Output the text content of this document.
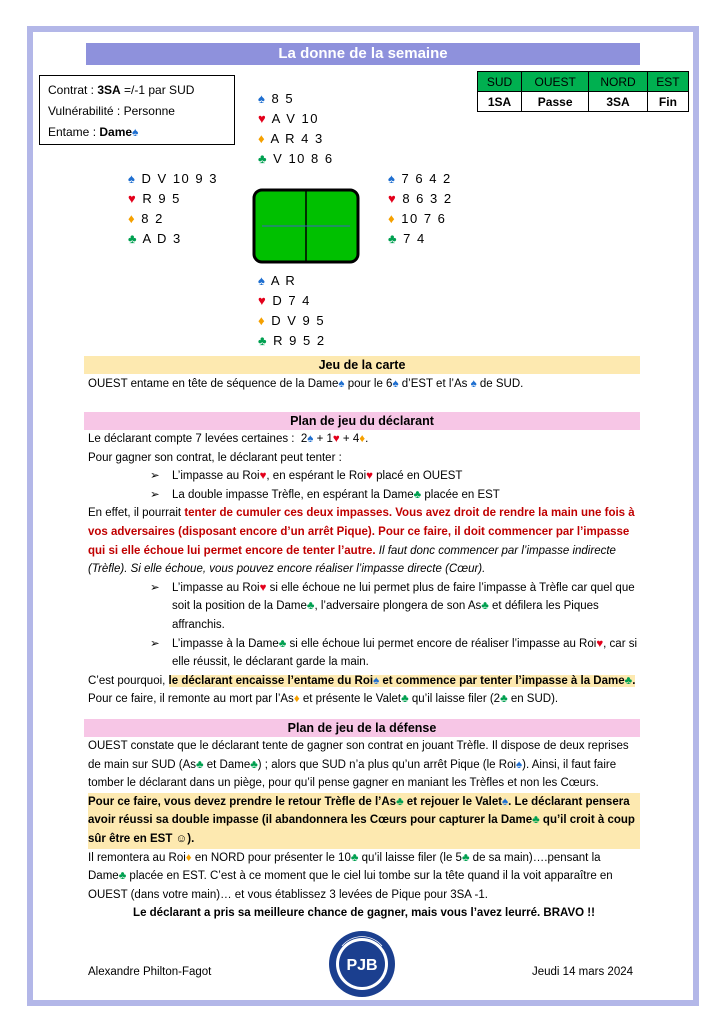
La donne de la semaine
Contrat : 3SA =/-1 par SUD
Vulnérabilité : Personne
Entame : Dame♠
SUD	OUEST	NORD	EST
1SA	Passe	3SA	Fin
♠ 8 5
♥ A V 10
♦ A R 4 3
♣ V 10 8 6
♠ D V 10 9 3
♥ R 9 5
♦ 8 2
♣ A D 3
♠ 7 6 4 2
♥ 8 6 3 2
♦ 10 7 6
♣ 7 4
♠ A R
♥ D 7 4
♦ D V 9 5
♣ R 9 5 2
Jeu de la carte

OUEST entame en tête de séquence de la Dame♠ pour le 6♠ d’EST et l’As ♠ de SUD.

Plan de jeu du déclarant

Le déclarant compte 7 levées certaines :  2♠ + 1♥ + 4♦.

Pour gagner son contrat, le déclarant peut tenter :

➢ L’impasse au Roi♥, en espérant le Roi♥ placé en OUEST

➢ La double impasse Trèfle, en espérant la Dame♣ placée en EST

En effet, il pourrait tenter de cumuler ces deux impasses. Vous avez droit de rendre la main une fois à vos adversaires (disposant encore d’un arrêt Pique). Pour ce faire, il doit commencer par l’impasse qui si elle échoue lui permet encore de tenter l’autre. Il faut donc commencer par l’impasse indirecte (Trèfle). Si elle échoue, vous pouvez encore réaliser l’impasse directe (Cœur).

➢ L’impasse au Roi♥ si elle échoue ne lui permet plus de faire l’impasse à Trèfle car quel que soit la position de la Dame♣, l’adversaire plongera de son As♣ et défilera les Piques affranchis.

➢ L’impasse à la Dame♣ si elle échoue lui permet encore de réaliser l’impasse au Roi♥, car si elle réussit, le déclarant garde la main.

C’est pourquoi, le déclarant encaisse l’entame du Roi♠ et commence par tenter l’impasse à la Dame♣. Pour ce faire, il remonte au mort par l’As♦ et présente le Valet♣ qu’il laisse filer (2♣ en SUD).

Plan de jeu de la défense

OUEST constate que le déclarant tente de gagner son contrat en jouant Trèfle. Il dispose de deux reprises de main sur SUD (As♣ et Dame♣) ; alors que SUD n’a plus qu’un arrêt Pique (le Roi♠). Ainsi, il faut faire tomber le déclarant dans un piège, pour qu’il pense gagner en maniant les Trèfles et non les Cœurs.

Pour ce faire, vous devez prendre le retour Trèfle de l’As♣ et rejouer le Valet♠. Le déclarant pensera avoir réussi sa double impasse (il abandonnera les Cœurs pour capturer la Dame♣ qu’il croit à coup sûr être en EST ☺).

Il remontera au Roi♦ en NORD pour présenter le 10♣ qu’il laisse filer (le 5♣ de sa main)….pensant la Dame♣ placée en EST. C’est à ce moment que le ciel lui tombe sur la tête quand il la voit apparaître en OUEST (dans votre main)… et vous établissez 3 levées de Pique pour 3SA -1.

Le déclarant a pris sa meilleure chance de gagner, mais vous l’avez leurré. BRAVO !!

Alexandre Philton-Fagot	Jeudi 14 mars 2024
PJB
